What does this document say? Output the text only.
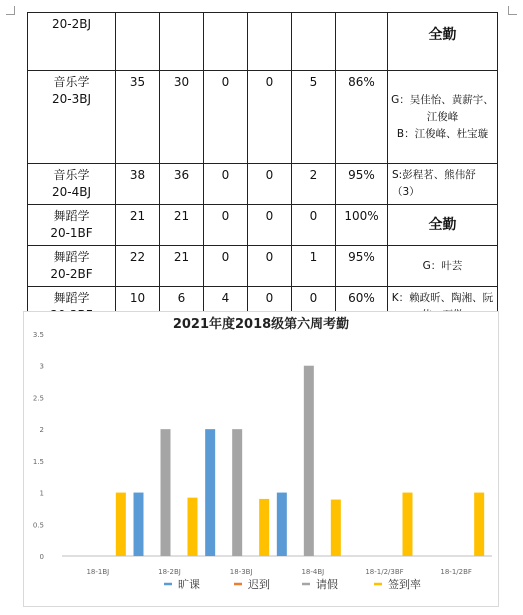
20-2BJ							全勤
音乐学
20-3BJ	35	30	0	0	5	86%	G：吴佳怡、黄薪宇、江俊峰
B：江俊峰、杜宝璇
音乐学
20-4BJ	38	36	0	0	2	95%	S:彭程茗、熊伟舒（3）
舞蹈学
20-1BF	21	21	0	0	0	100%	全勤
舞蹈学
20-2BF	22	21	0	0	1	95%	G：叶芸
舞蹈学	10	6	4	0	0	60%	K：赖政昕、陶湘、阮
2021年度2018级第六周考勤
0
0.5
1
1.5
2
2.5
3
3.5
18-1BJ	18-2BJ	18-3BJ	18-4BJ	18-1/2/3BF	18-1/2BF
旷课	迟到	请假	签到率
